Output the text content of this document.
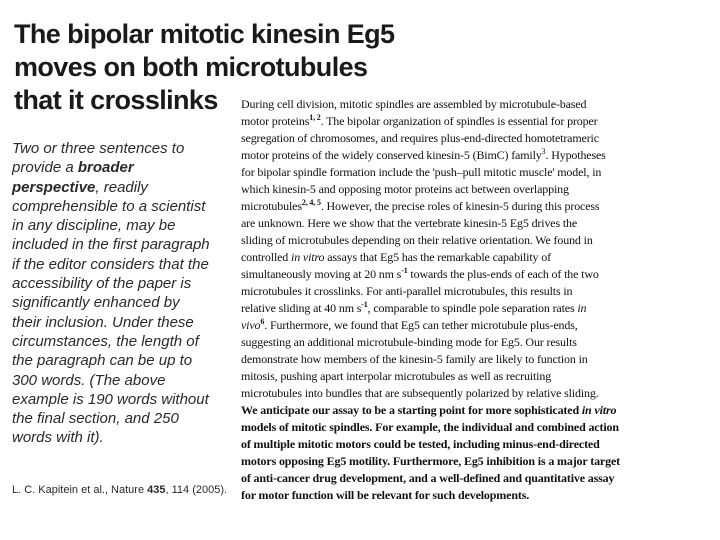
The bipolar mitotic kinesin Eg5
moves on both microtubules
that it crosslinks
Two or three sentences to
provide a broader
perspective, readily
comprehensible to a scientist
in any discipline, may be
included in the first paragraph
if the editor considers that the
accessibility of the paper is
significantly enhanced by
their inclusion. Under these
circumstances, the length of
the paragraph can be up to
300 words. (The above
example is 190 words without
the final section, and 250
words with it).
L. C. Kapitein et al., Nature 435, 114 (2005).
During cell division, mitotic spindles are assembled by microtubule-based
motor proteins$^{1, 2}$. The bipolar organization of spindles is essential for proper
segregation of chromosomes, and requires plus-end-directed homotetrameric
motor proteins of the widely conserved kinesin-5 (BimC) family$^3$. Hypotheses
for bipolar spindle formation include the 'push–pull mitotic muscle' model, in
which kinesin-5 and opposing motor proteins act between overlapping
microtubules$^{2, 4, 5}$. However, the precise roles of kinesin-5 during this process
are unknown. Here we show that the vertebrate kinesin-5 Eg5 drives the
sliding of microtubules depending on their relative orientation. We found in
controlled in vitro assays that Eg5 has the remarkable capability of
simultaneously moving at 20 nm $s^{-1}$ towards the plus-ends of each of the two
microtubules it crosslinks. For anti-parallel microtubules, this results in
relative sliding at 40 nm $s^{-1}$, comparable to spindle pole separation rates in
vivo$^6$. Furthermore, we found that Eg5 can tether microtubule plus-ends,
suggesting an additional microtubule-binding mode for Eg5. Our results
demonstrate how members of the kinesin-5 family are likely to function in
mitosis, pushing apart interpolar microtubules as well as recruiting
microtubules into bundles that are subsequently polarized by relative sliding.
We anticipate our assay to be a starting point for more sophisticated in vitro
models of mitotic spindles. For example, the individual and combined action
of multiple mitotic motors could be tested, including minus-end-directed
motors opposing Eg5 motility. Furthermore, Eg5 inhibition is a major target
of anti-cancer drug development, and a well-defined and quantitative assay
for motor function will be relevant for such developments.
